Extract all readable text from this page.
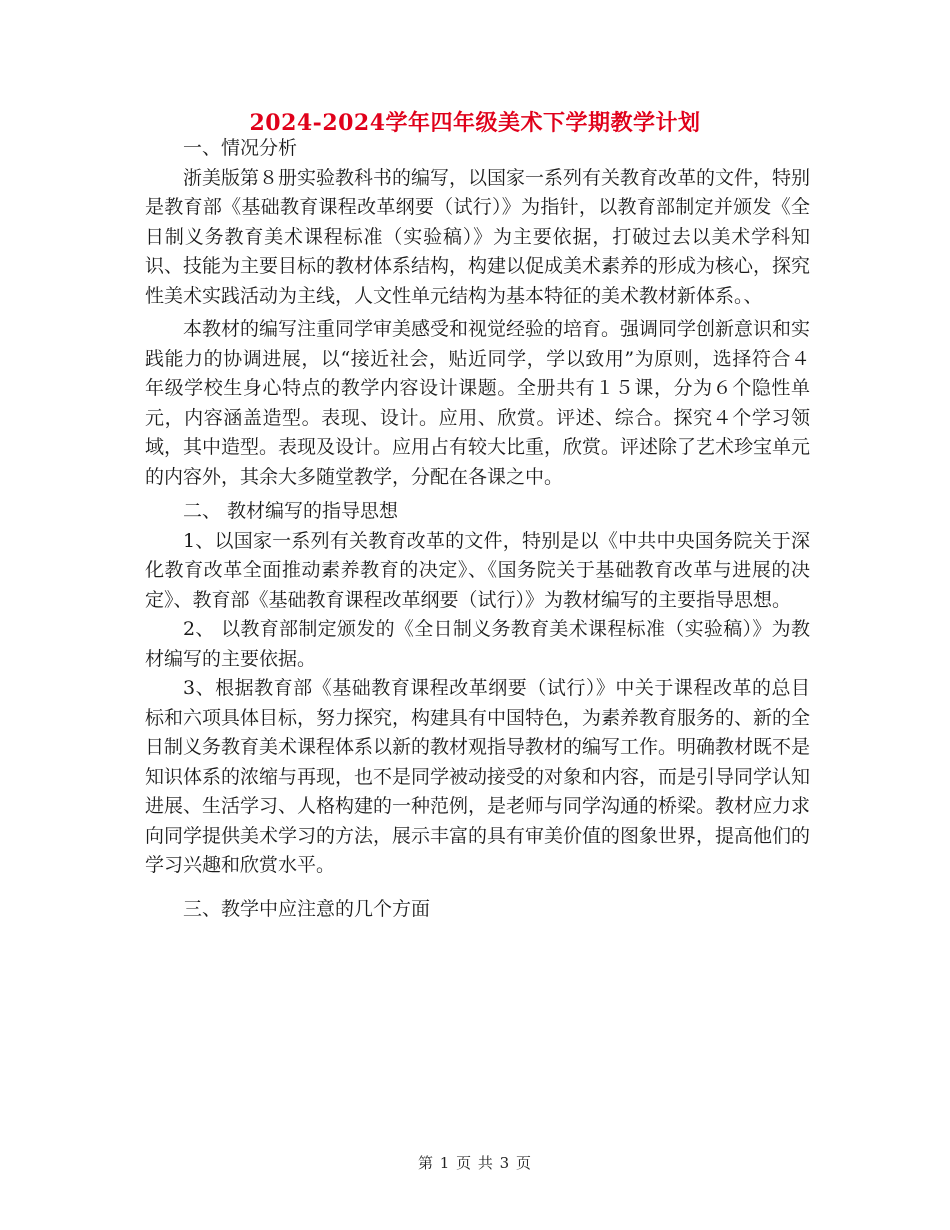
2024-2024学年四年级美术下学期教学计划

一、情况分析

浙美版第８册实验教科书的编写，以国家一系列有关教育改革的文件，特别是教育部《基础教育课程改革纲要（试行）》为指针，以教育部制定并颁发《全日制义务教育美术课程标准（实验稿）》为主要依据，打破过去以美术学科知识、技能为主要目标的教材体系结构，构建以促成美术素养的形成为核心，探究性美术实践活动为主线，人文性单元结构为基本特征的美术教材新体系。、

本教材的编写注重同学审美感受和视觉经验的培育。强调同学创新意识和实践能力的协调进展，以“接近社会，贴近同学，学以致用”为原则，选择符合４年级学校生身心特点的教学内容设计课题。全册共有１５课，分为６个隐性单元，内容涵盖造型。表现、设计。应用、欣赏。评述、综合。探究４个学习领域，其中造型。表现及设计。应用占有较大比重，欣赏。评述除了艺术珍宝单元的内容外，其余大多随堂教学，分配在各课之中。

二、 教材编写的指导思想

1、以国家一系列有关教育改革的文件，特别是以《中共中央国务院关于深化教育改革全面推动素养教育的决定》、《国务院关于基础教育改革与进展的决定》、教育部《基础教育课程改革纲要（试行）》为教材编写的主要指导思想。

2、 以教育部制定颁发的《全日制义务教育美术课程标准（实验稿）》为教材编写的主要依据。

3、根据教育部《基础教育课程改革纲要（试行）》中关于课程改革的总目标和六项具体目标，努力探究，构建具有中国特色，为素养教育服务的、新的全日制义务教育美术课程体系以新的教材观指导教材的编写工作。明确教材既不是知识体系的浓缩与再现，也不是同学被动接受的对象和内容，而是引导同学认知进展、生活学习、人格构建的一种范例，是老师与同学沟通的桥梁。教材应力求向同学提供美术学习的方法，展示丰富的具有审美价值的图象世界，提高他们的学习兴趣和欣赏水平。

三、教学中应注意的几个方面

第 1 页 共 3 页
